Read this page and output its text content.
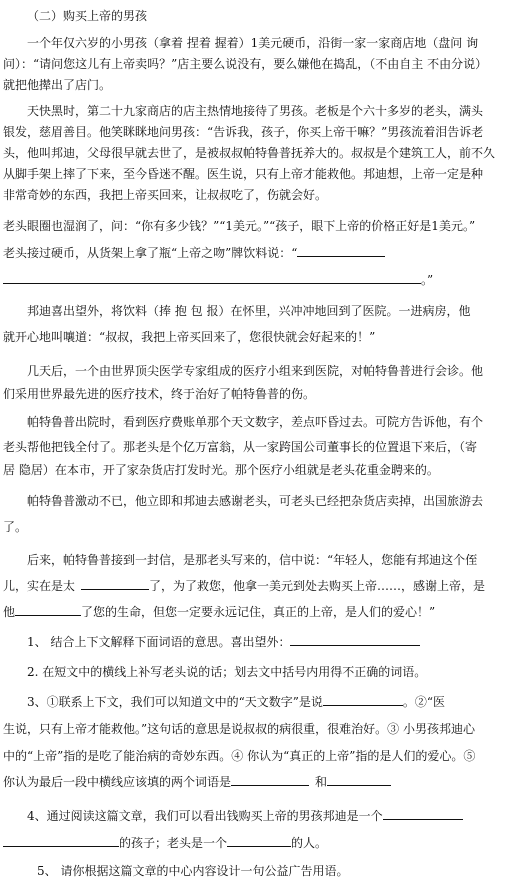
（二）购买上帝的男孩
一个年仅六岁的小男孩（拿着 捏着 握着）1美元硬币，沿街一家一家商店地（盘问 询
问）：“请问您这儿有上帝卖吗？”店主要么说没有，要么嫌他在捣乱，（不由自主 不由分说）
就把他撵出了店门。
天快黑时，第二十九家商店的店主热情地接待了男孩。老板是个六十多岁的老头，满头
银发，慈眉善目。他笑眯眯地问男孩：“告诉我，孩子，你买上帝干嘛？”男孩流着泪告诉老
头，他叫邦迪，父母很早就去世了，是被叔叔帕特鲁普抚养大的。叔叔是个建筑工人，前不久
从脚手架上摔了下来，至今昏迷不醒。医生说，只有上帝才能救他。邦迪想，上帝一定是种
非常奇妙的东西，我把上帝买回来，让叔叔吃了，伤就会好。
老头眼圈也湿润了，问：“你有多少钱？”“1美元。”“孩子，眼下上帝的价格正好是1美元。”
老头接过硬币，从货架上拿了瓶“上帝之吻”牌饮料说：“
。”
邦迪喜出望外，将饮料（捧 抱 包 报）在怀里，兴冲冲地回到了医院。一进病房，他
就开心地叫嚷道：“叔叔，我把上帝买回来了，您很快就会好起来的！”
几天后，一个由世界顶尖医学专家组成的医疗小组来到医院，对帕特鲁普进行会诊。他
们采用世界最先进的医疗技术，终于治好了帕特鲁普的伤。
帕特鲁普出院时，看到医疗费账单那个天文数字，差点吓昏过去。可院方告诉他，有个
老头帮他把钱全付了。那老头是个亿万富翁，从一家跨国公司董事长的位置退下来后，（寄
居 隐居）在本市，开了家杂货店打发时光。那个医疗小组就是老头花重金聘来的。
帕特鲁普激动不已，他立即和邦迪去感谢老头，可老头已经把杂货店卖掉，出国旅游去
了。
后来，帕特鲁普接到一封信，是那老头写来的，信中说：“年轻人，您能有邦迪这个侄
儿，实在是太	了，为了救您，他拿一美元到处去购买上帝……，感谢上帝，是
他	了您的生命，但您一定要永远记住，真正的上帝，是人们的爱心！”
1、 结合上下文解释下面词语的意思。喜出望外：
2. 在短文中的横线上补写老头说的话；划去文中括号内用得不正确的词语。
3、①联系上下文，我们可以知道文中的“天文数字”是说	。②“医
生说，只有上帝才能救他。”这句话的意思是说叔叔的病很重，很难治好。③ 小男孩邦迪心
中的“上帝”指的是吃了能治病的奇妙东西。④ 你认为“真正的上帝”指的是人们的爱心。⑤
你认为最后一段中横线应该填的两个词语是	和
4、通过阅读这篇文章，我们可以看出钱购买上帝的男孩邦迪是一个
的孩子；老头是一个	的人。
5、 请你根据这篇文章的中心内容设计一句公益广告用语。
